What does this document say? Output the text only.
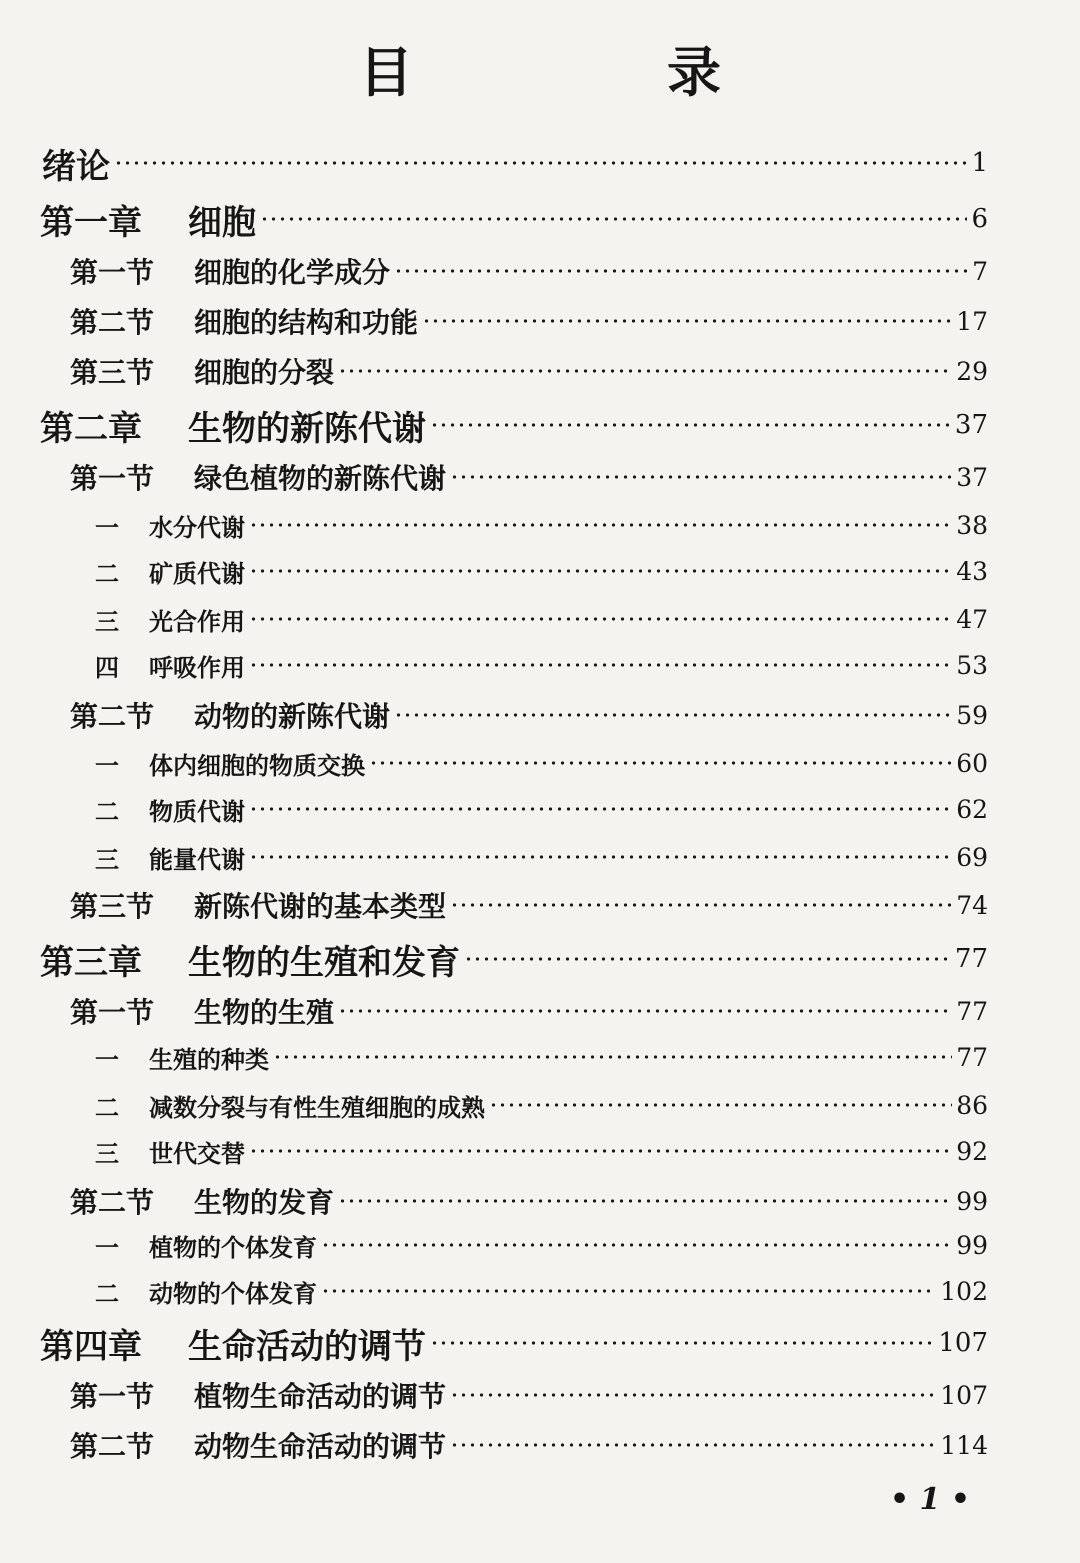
目　录
绪论	1
第一章	细胞	6
第一节	细胞的化学成分	7
第二节	细胞的结构和功能	17
第三节	细胞的分裂	29
第二章	生物的新陈代谢	37
第一节	绿色植物的新陈代谢	37
一	水分代谢	38
二	矿质代谢	43
三	光合作用	47
四	呼吸作用	53
第二节	动物的新陈代谢	59
一	体内细胞的物质交换	60
二	物质代谢	62
三	能量代谢	69
第三节	新陈代谢的基本类型	74
第三章	生物的生殖和发育	77
第一节	生物的生殖	77
一	生殖的种类	77
二	减数分裂与有性生殖细胞的成熟	86
三	世代交替	92
第二节	生物的发育	99
一	植物的个体发育	99
二	动物的个体发育	102
第四章	生命活动的调节	107
第一节	植物生命活动的调节	107
第二节	动物生命活动的调节	114
• 1 •
